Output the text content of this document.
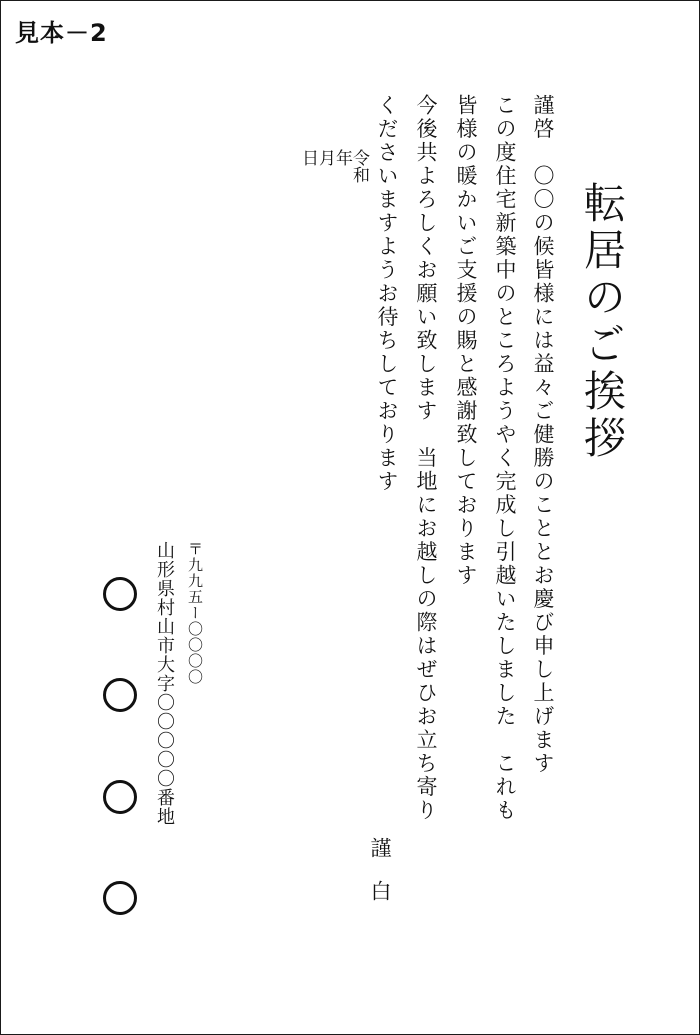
見本－2
転居のご挨拶
謹啓　〇〇の候皆様には益々ご健勝のこととお慶び申し上げます
この度住宅新築中のところようやく完成し引越いたしました　これも
皆様の暖かいご支援の賜と感謝致しております
今後共よろしくお願い致します　当地にお越しの際はぜひお立ち寄り
くださいますようお待ちしております
謹白
令和
年
月
日
〒九九五ー〇〇〇〇
山形県村山市大字〇〇〇〇〇番地
